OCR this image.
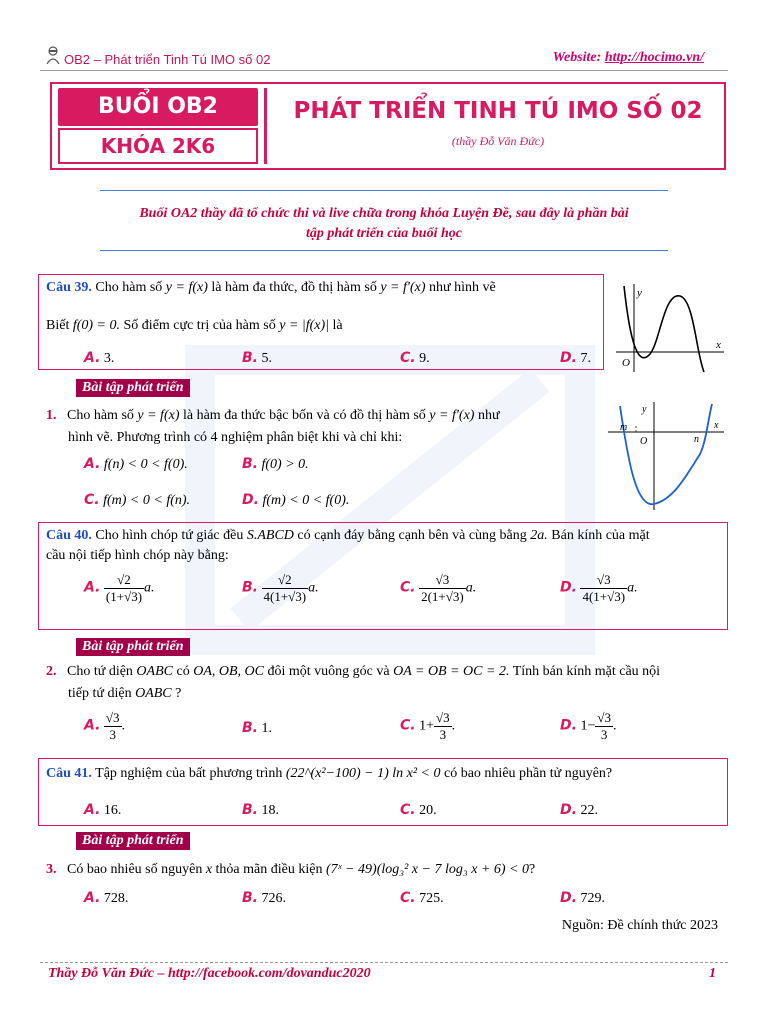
OB2 – Phát triển Tinh Tú IMO số 02	Website: http://hocimo.vn/
BUỔI OB2
KHÓA 2K6
PHÁT TRIỂN TINH TÚ IMO SỐ 02
(thầy Đỗ Văn Đức)
Buổi OA2 thầy đã tổ chức thi và live chữa trong khóa Luyện Đề, sau đây là phần bài
tập phát triển của buổi học
Câu 39. Cho hàm số y = f(x) là hàm đa thức, đồ thị hàm số y = f′(x) như hình vẽ
Biết f(0) = 0. Số điểm cực trị của hàm số y = |f(x)| là
A. 3.	B. 5.	C. 9.	D. 7.
y
x
O
Bài tập phát triển
1. Cho hàm số y = f(x) là hàm đa thức bậc bốn và có đồ thị hàm số y = f′(x) như
hình vẽ. Phương trình có 4 nghiệm phân biệt khi và chỉ khi:
A. f(n) < 0 < f(0).	B. f(0) > 0.
C. f(m) < 0 < f(n).	D. f(m) < 0 < f(0).
y
m
O	n
x
Câu 40. Cho hình chóp tứ giác đều S.ABCD có cạnh đáy bằng cạnh bên và cùng bằng 2a. Bán kính của mặt
cầu nội tiếp hình chóp này bằng:
A. $\frac{√2}{(1+√3)} a$.	B. $\frac{√2}{4(1+√3)} a$.	C. $\frac{√3}{2(1+√3)} a$.	D. $\frac{√3}{4(1+√3)} a$.
Bài tập phát triển
2. Cho tứ diện OABC có OA, OB, OC đôi một vuông góc và OA = OB = OC = 2. Tính bán kính mặt cầu nội
tiếp tứ diện OABC ?
A. $\frac{√3}{3}$ .	B. 1.	C. $1+ \frac{√3}{3}$ .	D. $1- \frac{√3}{3}$ .
Câu 41. Tập nghiệm của bất phương trình (22^(x²−100) − 1) ln x² < 0 có bao nhiêu phần tử nguyên?
A. 16.	B. 18.	C. 20.	D. 22.
Bài tập phát triển
3. Có bao nhiêu số nguyên x thỏa mãn điều kiện (7ˣ − 49)(log₃² x − 7 log₃ x + 6) < 0?
A. 728.	B. 726.	C. 725.	D. 729.
Nguồn: Đề chính thức 2023
Thầy Đỗ Văn Đức – http://facebook.com/dovanduc2020	1
